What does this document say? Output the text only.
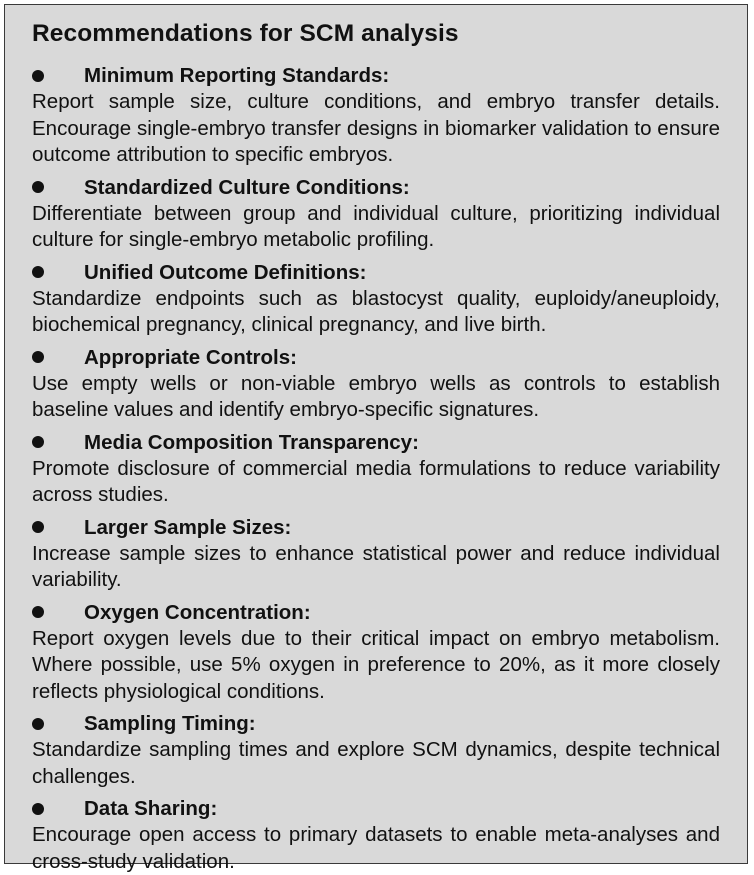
Recommendations for SCM analysis
Minimum Reporting Standards:
Report sample size, culture conditions, and embryo transfer details. Encourage single-embryo transfer designs in biomarker validation to ensure outcome attribution to specific embryos.
Standardized Culture Conditions:
Differentiate between group and individual culture, prioritizing individual culture for single-embryo metabolic profiling.
Unified Outcome Definitions:
Standardize endpoints such as blastocyst quality, euploidy/aneuploidy, biochemical pregnancy, clinical pregnancy, and live birth.
Appropriate Controls:
Use empty wells or non-viable embryo wells as controls to establish baseline values and identify embryo-specific signatures.
Media Composition Transparency:
Promote disclosure of commercial media formulations to reduce variability across studies.
Larger Sample Sizes:
Increase sample sizes to enhance statistical power and reduce individual variability.
Oxygen Concentration:
Report oxygen levels due to their critical impact on embryo metabolism. Where possible, use 5% oxygen in preference to 20%, as it more closely reflects physiological conditions.
Sampling Timing:
Standardize sampling times and explore SCM dynamics, despite technical challenges.
Data Sharing:
Encourage open access to primary datasets to enable meta-analyses and cross-study validation.
